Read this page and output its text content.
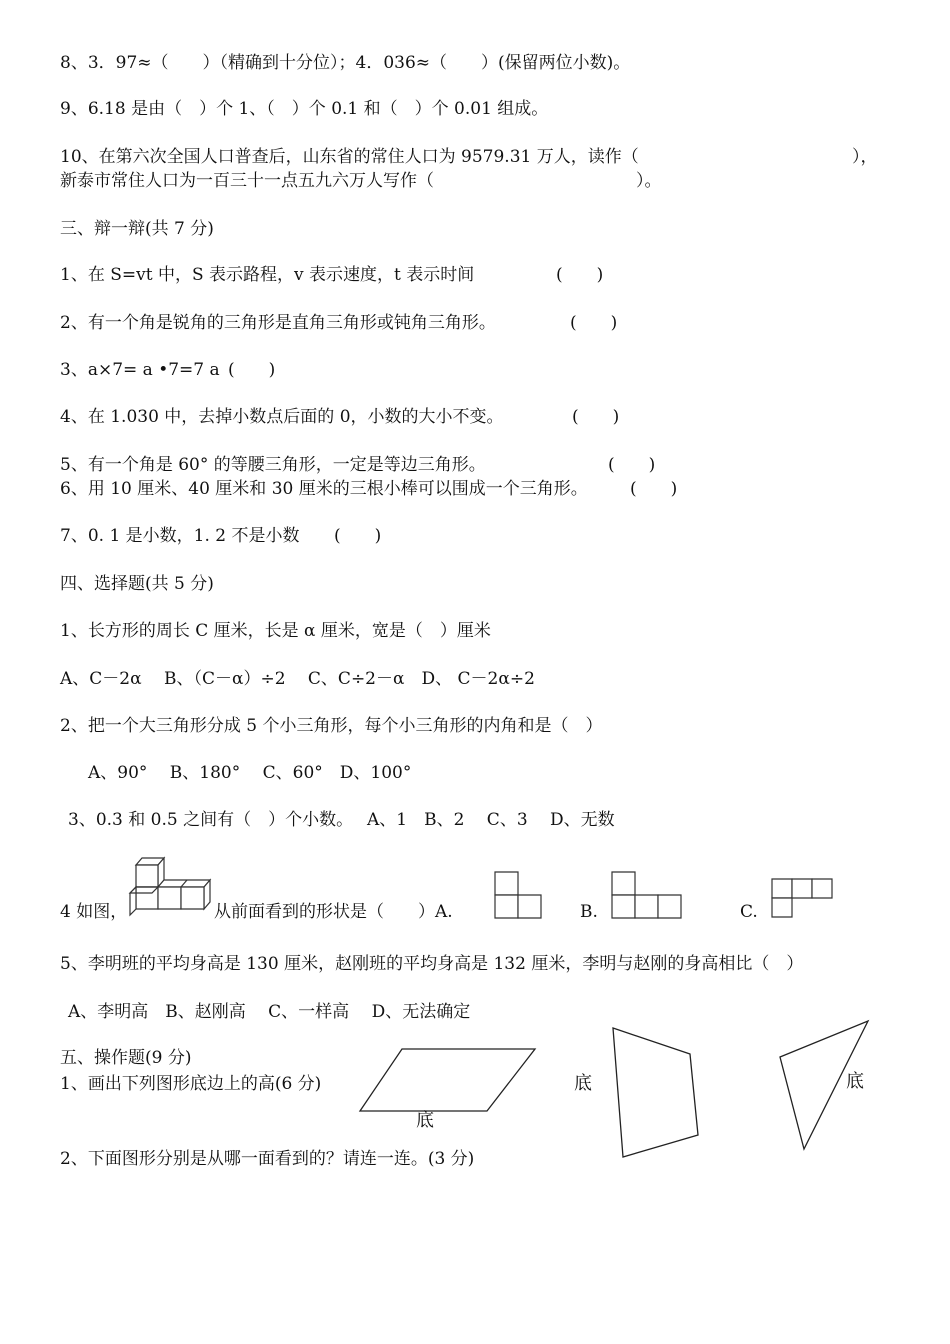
8、3．97≈（　　）（精确到十分位）；4．036≈（　　）(保留两位小数)。
9、6.18 是由（　）个 1、（　）个 0.1 和（　）个 0.01 组成。
10、在第六次全国人口普查后，山东省的常住人口为 9579.31 万人，读作（	），
新泰市常住人口为一百三十一点五九六万人写作（	）。
三、辩一辩(共 7 分)
1、在 S=vt 中，S 表示路程，v 表示速度，t 表示时间	(　　)
2、有一个角是锐角的三角形是直角三角形或钝角三角形。	(　　)
3、a×7= a •7=7 a (　　)
4、在 1.030 中，去掉小数点后面的 0，小数的大小不变。	(　　)
5、有一个角是 60° 的等腰三角形，一定是等边三角形。	(　　)
6、用 10 厘米、40 厘米和 30 厘米的三根小棒可以围成一个三角形。 (　　)
7、0. 1 是小数，1. 2 不是小数 (　　)
四、选择题(共 5 分)
1、长方形的周长 C 厘米，长是 α 厘米，宽是（　）厘米
A、C－2α　 B、（C－α）÷2　 C、C÷2－α　D、 C－2α÷2
2、把一个大三角形分成 5 个小三角形，每个小三角形的内角和是（　）
A、90°　 B、180°　 C、60°　D、100°
3、0.3 和 0.5 之间有（　）个小数。　 A、1　B、2　 C、3　 D、无数
4 如图，	从前面看到的形状是（　　）A.	B.	C.
5、李明班的平均身高是 130 厘米，赵刚班的平均身高是 132 厘米，李明与赵刚的身高相比（　）
A、李明高　B、赵刚高　 C、一样高　 D、无法确定
五、操作题(9 分)
1、画出下列图形底边上的高(6 分)
底
底	底
2、下面图形分别是从哪一面看到的？请连一连。(3 分)
